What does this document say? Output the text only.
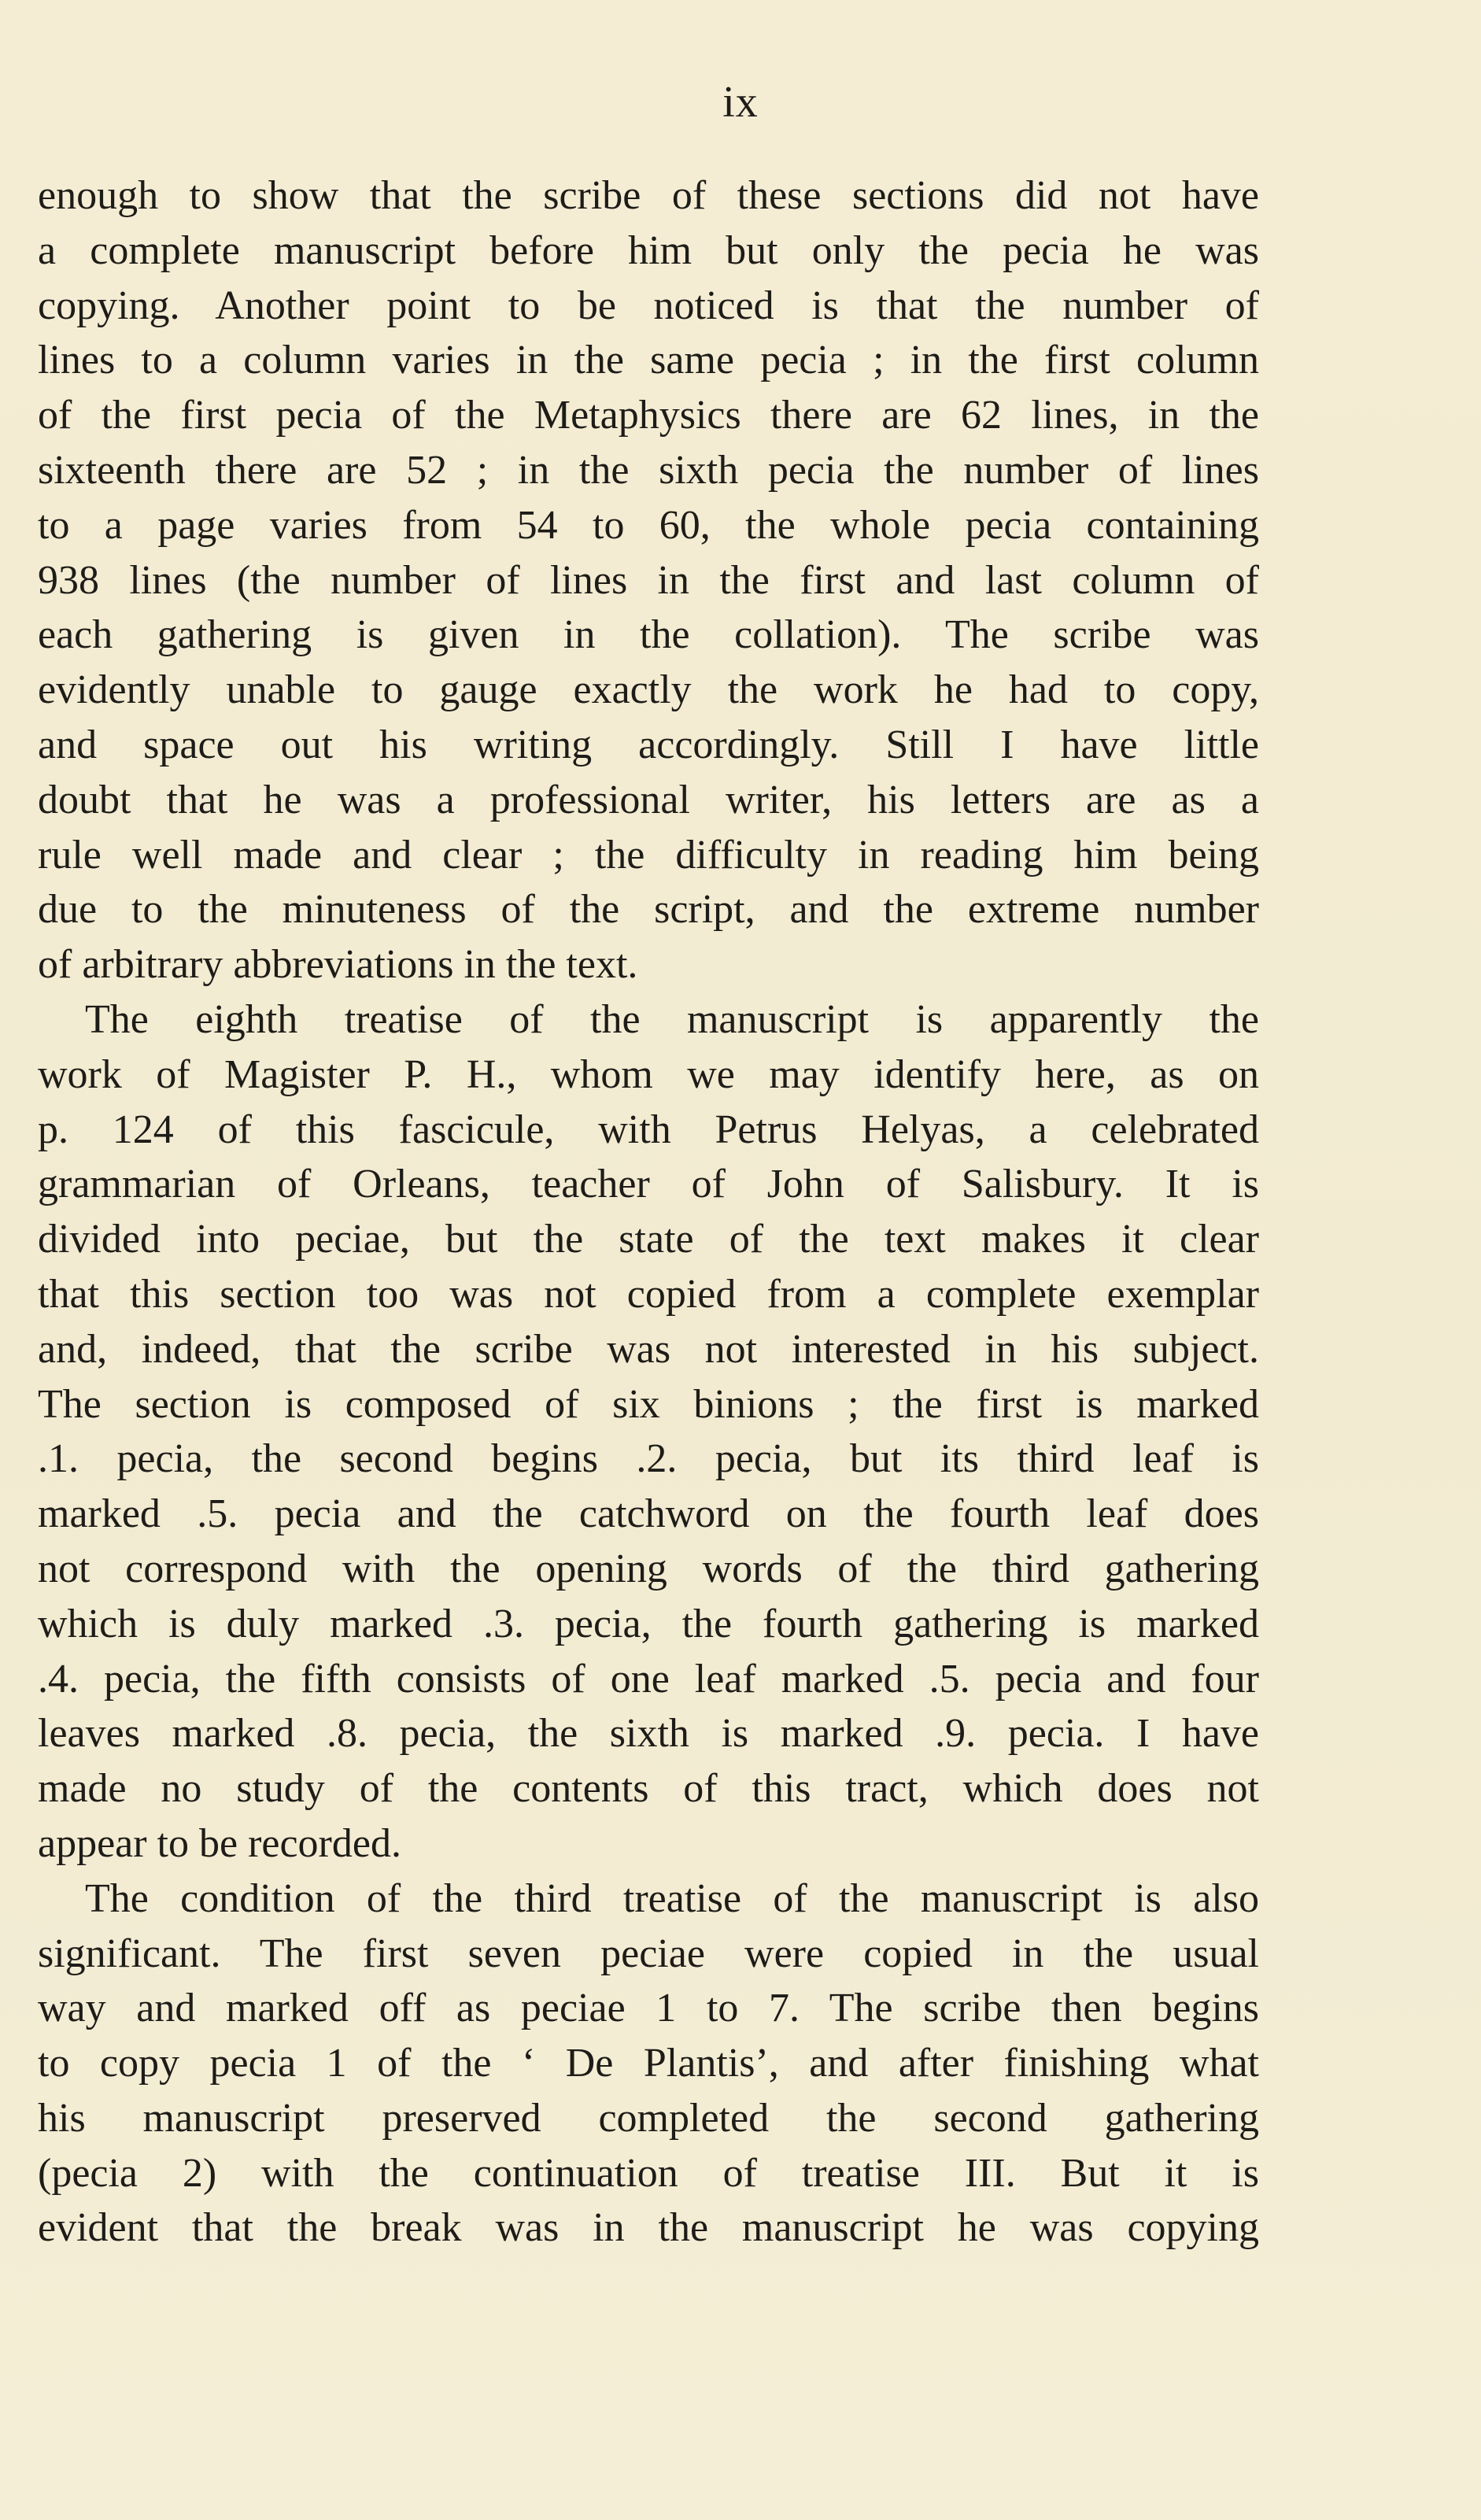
ix
enough to show that the scribe of these sections did not have
a complete manuscript before him but only the pecia he was
copying. Another point to be noticed is that the number of
lines to a column varies in the same pecia ; in the first column
of the first pecia of the Metaphysics there are 62 lines, in the
sixteenth there are 52 ; in the sixth pecia the number of lines
to a page varies from 54 to 60, the whole pecia containing
938 lines (the number of lines in the first and last column of
each gathering is given in the collation). The scribe was
evidently unable to gauge exactly the work he had to copy,
and space out his writing accordingly. Still I have little
doubt that he was a professional writer, his letters are as a
rule well made and clear ; the difficulty in reading him being
due to the minuteness of the script, and the extreme number
of arbitrary abbreviations in the text.
The eighth treatise of the manuscript is apparently the
work of Magister P. H., whom we may identify here, as on
p. 124 of this fascicule, with Petrus Helyas, a celebrated
grammarian of Orleans, teacher of John of Salisbury. It is
divided into peciae, but the state of the text makes it clear
that this section too was not copied from a complete exemplar
and, indeed, that the scribe was not interested in his subject.
The section is composed of six binions ; the first is marked
.1. pecia, the second begins .2. pecia, but its third leaf is
marked .5. pecia and the catchword on the fourth leaf does
not correspond with the opening words of the third gathering
which is duly marked .3. pecia, the fourth gathering is marked
.4. pecia, the fifth consists of one leaf marked .5. pecia and four
leaves marked .8. pecia, the sixth is marked .9. pecia. I have
made no study of the contents of this tract, which does not
appear to be recorded.
The condition of the third treatise of the manuscript is also
significant. The first seven peciae were copied in the usual
way and marked off as peciae 1 to 7. The scribe then begins
to copy pecia 1 of the ‘ De Plantis’, and after finishing what
his manuscript preserved completed the second gathering
(pecia 2) with the continuation of treatise III. But it is
evident that the break was in the manuscript he was copying
